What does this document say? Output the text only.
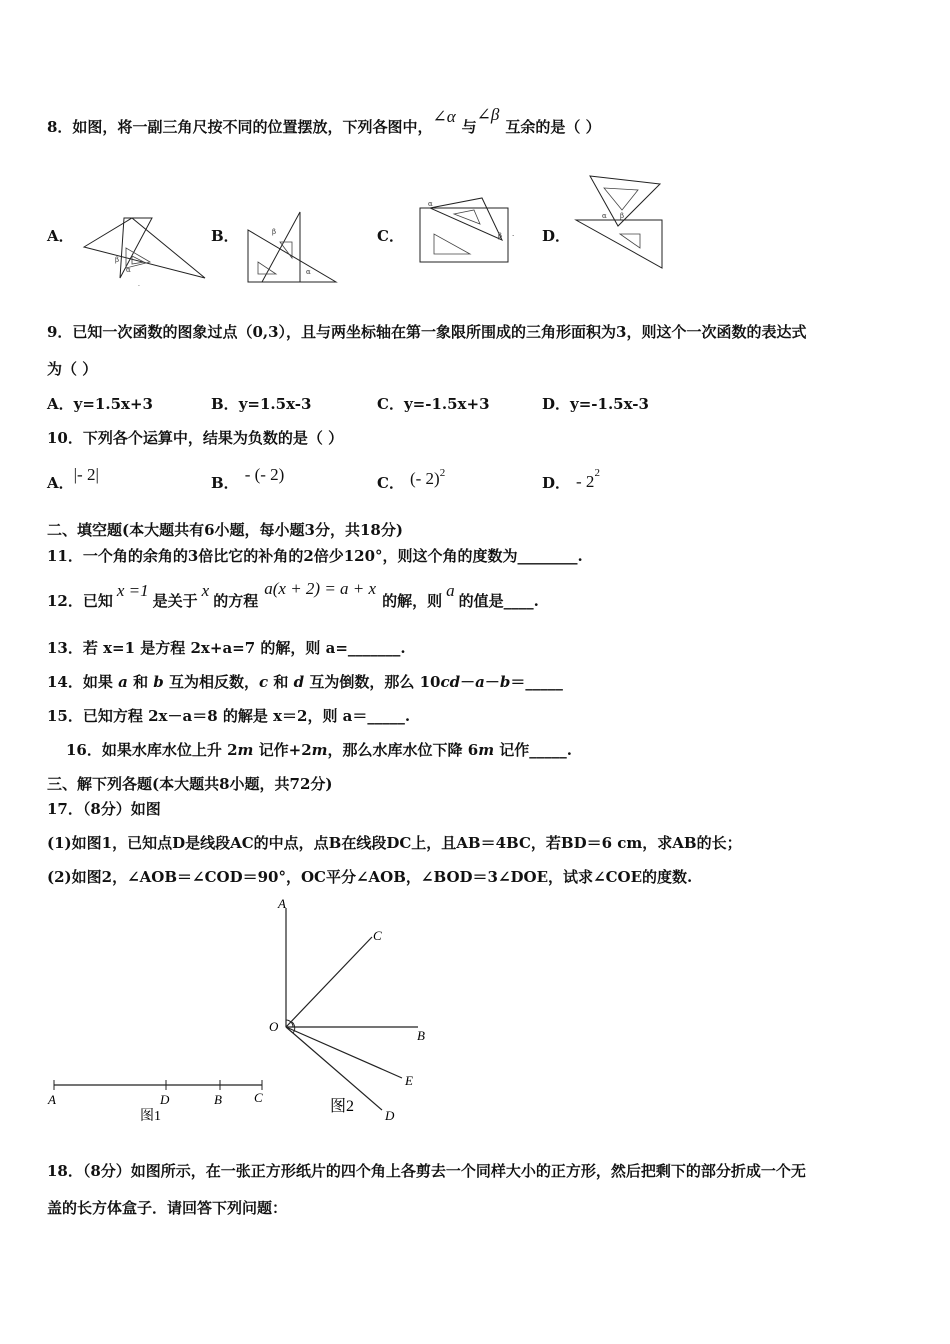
8．如图，将一副三角尺按不同的位置摆放，下列各图中，∠α与∠β互余的是（ ）
A．	B．	C．	D．
β
α
.
β
α
α
β .
α β
9．已知一次函数的图象过点（0,3），且与两坐标轴在第一象限所围成的三角形面积为3，则这个一次函数的表达式
为（ ）
A．y=1.5x+3	B．y=1.5x-3	C．y=-1.5x+3	D．y=-1.5x-3
10．下列各个运算中，结果为负数的是（ ）
A．|- 2|	B． - (- 2)	C． (- 2)$^2$
D． - $2^2$
二、填空题(本大题共有6小题，每小题3分，共18分)
11．一个角的余角的3倍比它的补角的2倍少120°，则这个角的度数为________.
12．已知x =1是关于x的方程a(x + 2) = a + x的解，则a的值是____.
13．若 x=1 是方程 2x+a=7 的解，则 a=_______.
14．如果 a 和 b 互为相反数，c 和 d 互为倒数，那么 10cd－a－b＝_____
15．已知方程 2x－a＝8 的解是 x＝2，则 a＝_____.
16．如果水库水位上升 2m 记作+2m，那么水库水位下降 6m 记作_____.
三、解下列各题(本大题共8小题，共72分)
17．（8分）如图
(1)如图1，已知点D是线段AC的中点，点B在线段DC上，且AB＝4BC，若BD＝6 cm，求AB的长；
(2)如图2，∠AOB＝∠COD＝90°，OC平分∠AOB，∠BOD＝3∠DOE，试求∠COE的度数.
A	D	B C
图1
A
C
O
B
E
D
图2
18．（8分）如图所示，在一张正方形纸片的四个角上各剪去一个同样大小的正方形，然后把剩下的部分折成一个无
盖的长方体盒子．请回答下列问题：
